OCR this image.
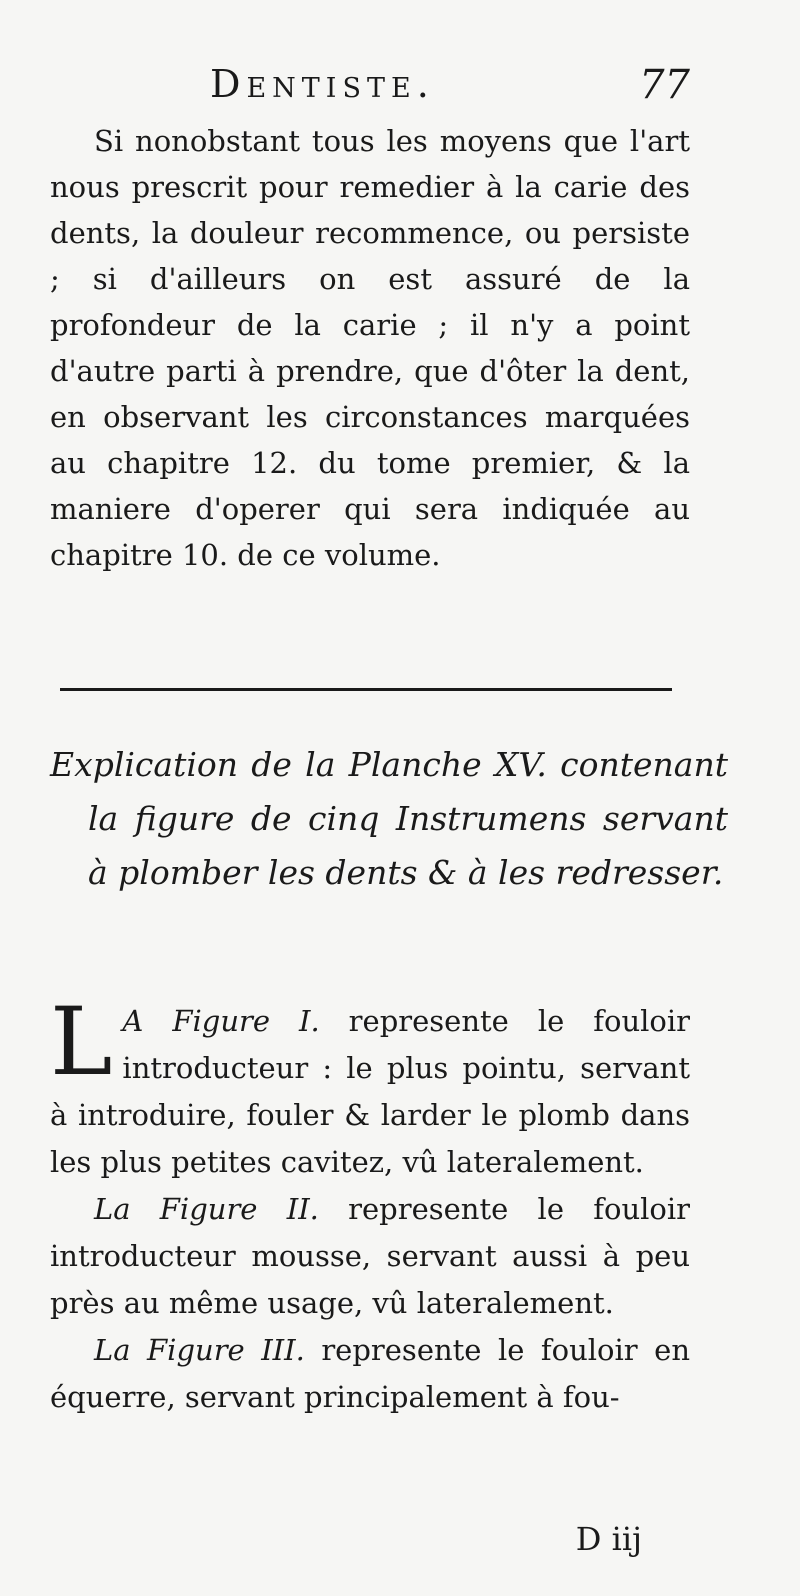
Dentiste.	77

Si nonobstant tous les moyens que l'art nous prescrit pour remedier à la carie des dents, la douleur recommence, ou persiste ; si d'ailleurs on est assuré de la profondeur de la carie ; il n'y a point d'autre parti à prendre, que d'ôter la dent, en observant les circonstances marquées au chapitre 12. du tome premier, & la maniere d'operer qui sera indiquée au chapitre 10. de ce volume.

Explication de la Planche XV. contenant la figure de cinq Instrumens servant à plomber les dents & à les redresser.

L A Figure I. represente le fouloir introducteur : le plus pointu, servant à introduire, fouler & larder le plomb dans les plus petites cavitez, vû lateralement.

La Figure II. represente le fouloir introducteur mousse, servant aussi à peu près au même usage, vû lateralement.

La Figure III. represente le fouloir en équerre, servant principalement à fou-

D iij
